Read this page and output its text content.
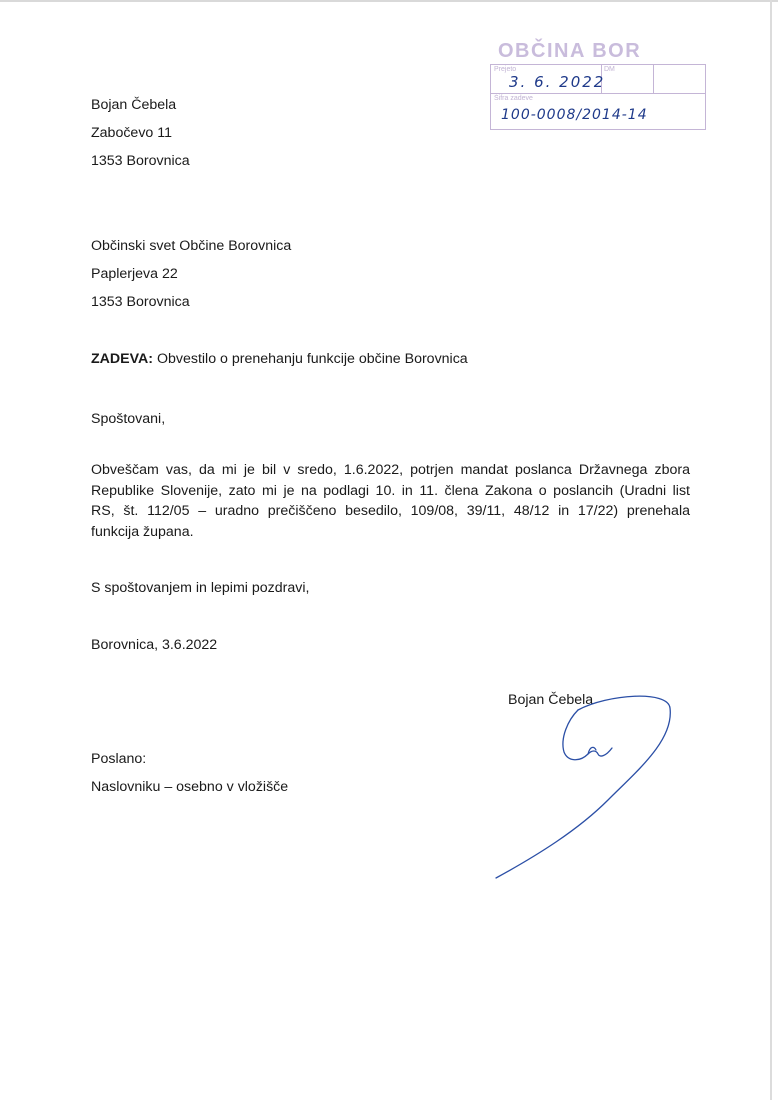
OBČINA BOR
Prejeto	DM
Šifra zadeve
3. 6. 2022
100-0008/2014-14
Bojan Čebela
Zabočevo 11
1353 Borovnica
Občinski svet Občine Borovnica
Paplerjeva 22
1353 Borovnica
ZADEVA: Obvestilo o prenehanju funkcije občine Borovnica
Spoštovani,
Obveščam vas, da mi je bil v sredo, 1.6.2022, potrjen mandat poslanca Državnega zbora
Republike Slovenije, zato mi je na podlagi 10. in 11. člena Zakona o poslancih (Uradni list
RS, št. 112/05 – uradno prečiščeno besedilo, 109/08, 39/11, 48/12 in 17/22) prenehala
funkcija župana.
S spoštovanjem in lepimi pozdravi,
Borovnica, 3.6.2022
Bojan Čebela
Poslano:
Naslovniku – osebno v vložišče
